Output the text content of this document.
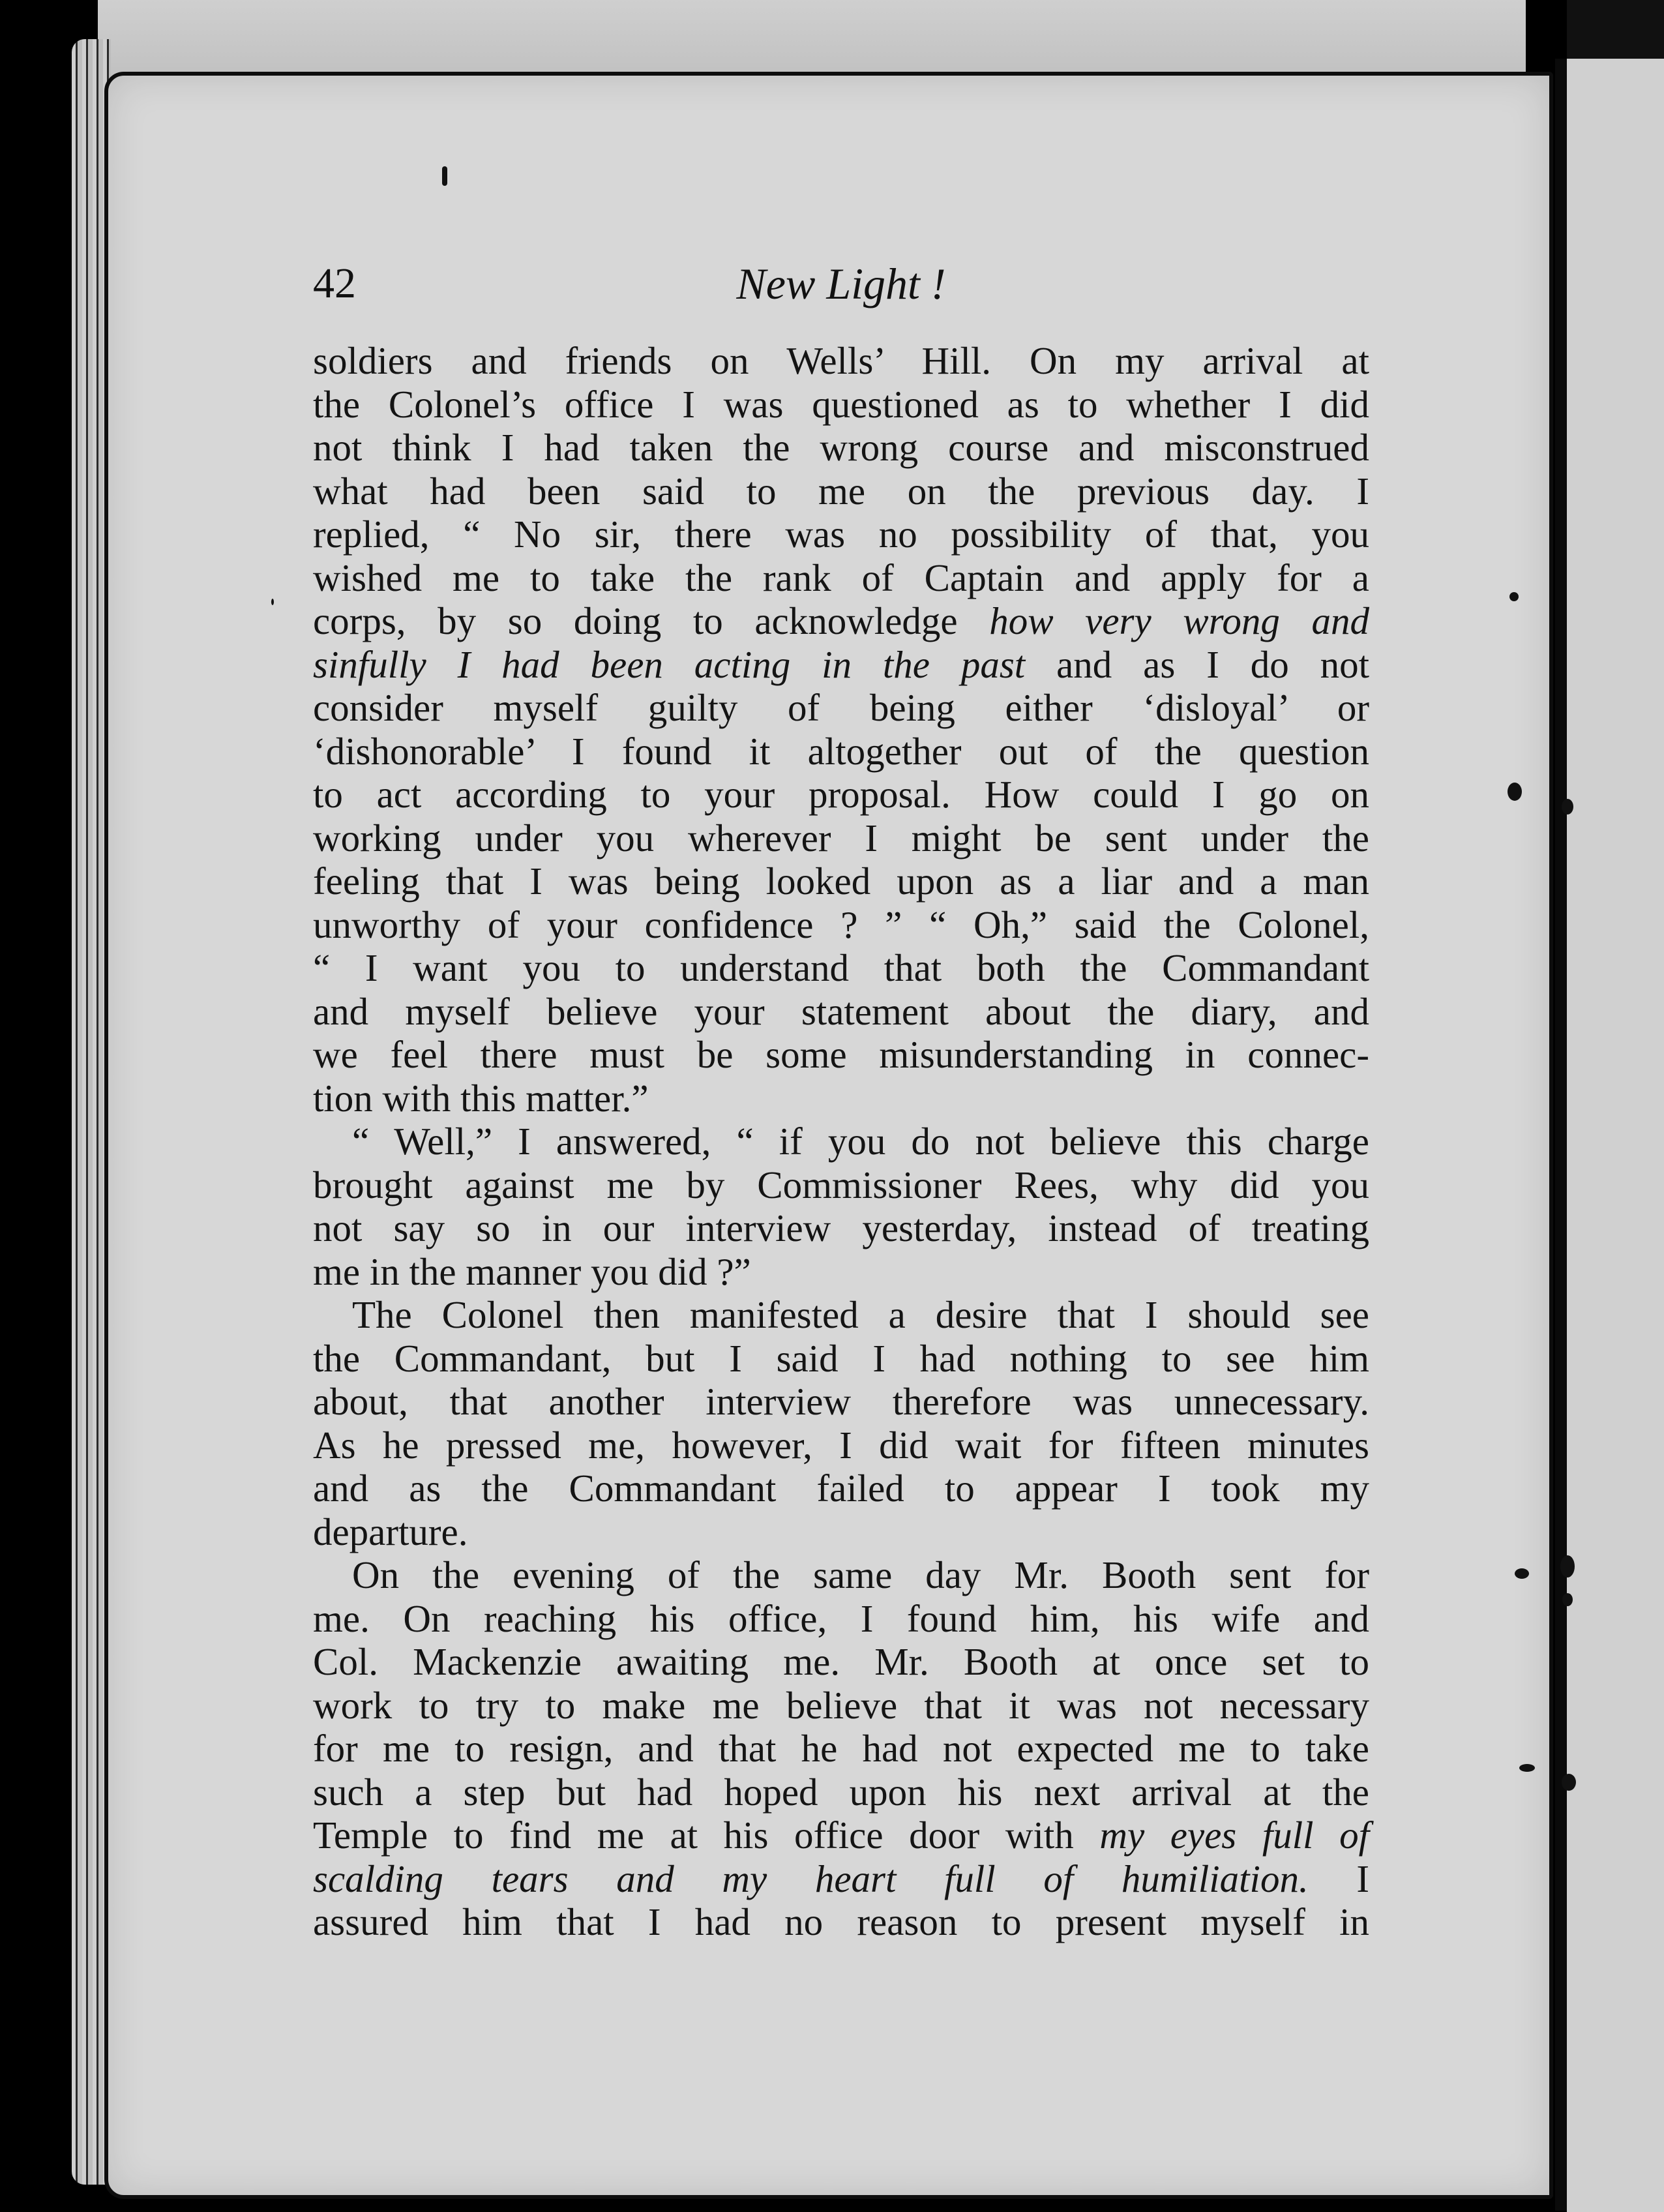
42	New Light !
soldiers and friends on Wells’ Hill. On my arrival at
the Colonel’s office I was questioned as to whether I did
not think I had taken the wrong course and misconstrued
what had been said to me on the previous day. I
replied, “ No sir, there was no possibility of that, you
wished me to take the rank of Captain and apply for a
corps, by so doing to acknowledge how very wrong and
sinfully I had been acting in the past and as I do not
consider myself guilty of being either ‘disloyal’ or
‘dishonorable’ I found it altogether out of the question
to act according to your proposal. How could I go on
working under you wherever I might be sent under the
feeling that I was being looked upon as a liar and a man
unworthy of your confidence ? ” “ Oh,” said the Colonel,
“ I want you to understand that both the Commandant
and myself believe your statement about the diary, and
we feel there must be some misunderstanding in connec-
tion with this matter.”
“ Well,” I answered, “ if you do not believe this charge
brought against me by Commissioner Rees, why did you
not say so in our interview yesterday, instead of treating
me in the manner you did ?”
The Colonel then manifested a desire that I should see
the Commandant, but I said I had nothing to see him
about, that another interview therefore was unnecessary.
As he pressed me, however, I did wait for fifteen minutes
and as the Commandant failed to appear I took my
departure.
On the evening of the same day Mr. Booth sent for
me. On reaching his office, I found him, his wife and
Col. Mackenzie awaiting me. Mr. Booth at once set to
work to try to make me believe that it was not necessary
for me to resign, and that he had not expected me to take
such a step but had hoped upon his next arrival at the
Temple to find me at his office door with my eyes full of
scalding tears and my heart full of humiliation. I
assured him that I had no reason to present myself in
